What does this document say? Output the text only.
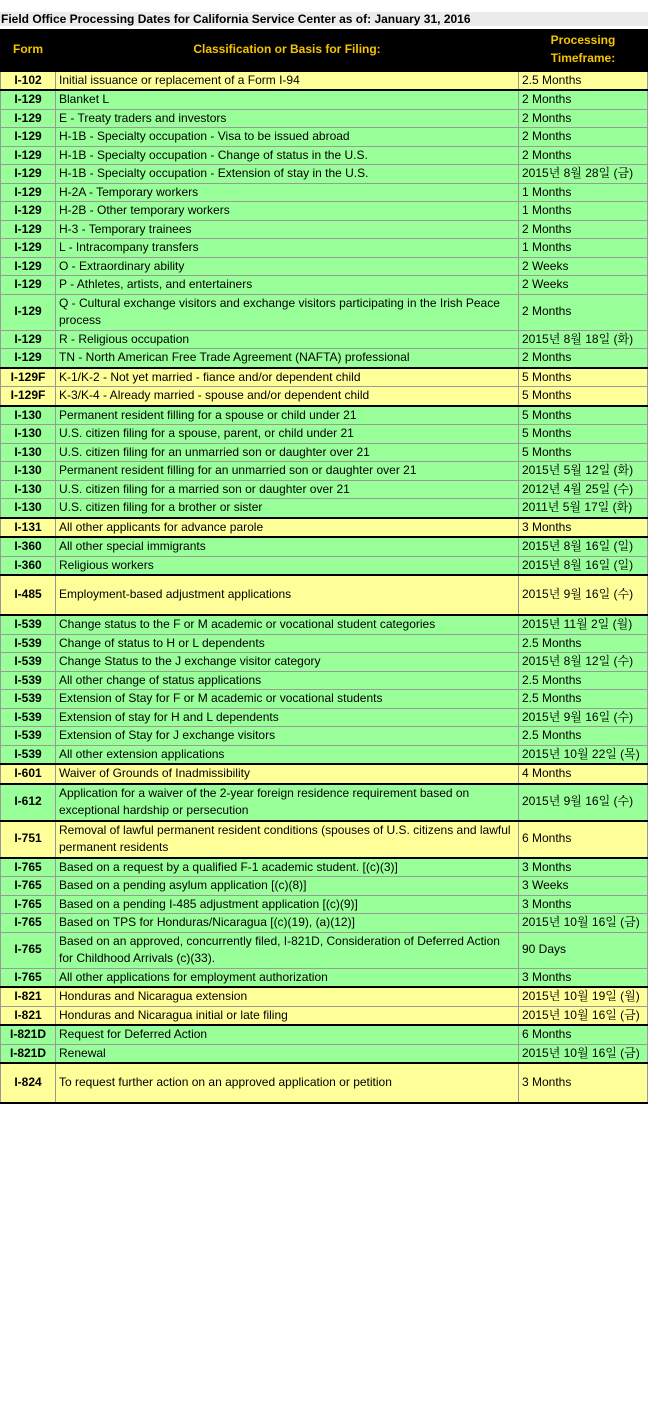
Field Office Processing Dates for California Service Center as of: January 31, 2016
Form	Classification or Basis for Filing:	Processing Timeframe:
I-102	Initial issuance or replacement of a Form I-94	2.5 Months
I-129	Blanket L	2 Months
I-129	E - Treaty traders and investors	2 Months
I-129	H-1B - Specialty occupation - Visa to be issued abroad	2 Months
I-129	H-1B - Specialty occupation - Change of status in the U.S.	2 Months
I-129	H-1B - Specialty occupation - Extension of stay in the U.S.	2015년 8월 28일 (금)
I-129	H-2A - Temporary workers	1 Months
I-129	H-2B - Other temporary workers	1 Months
I-129	H-3 - Temporary trainees	2 Months
I-129	L - Intracompany transfers	1 Months
I-129	O - Extraordinary ability	2 Weeks
I-129	P - Athletes, artists, and entertainers	2 Weeks
I-129	Q - Cultural exchange visitors and exchange visitors participating in the Irish Peace process	2 Months
I-129	R - Religious occupation	2015년 8월 18일 (화)
I-129	TN - North American Free Trade Agreement (NAFTA) professional	2 Months
I-129F	K-1/K-2 - Not yet married - fiance and/or dependent child	5 Months
I-129F	K-3/K-4 - Already married - spouse and/or dependent child	5 Months
I-130	Permanent resident filling for a spouse or child under 21	5 Months
I-130	U.S. citizen filing for a spouse, parent, or child under 21	5 Months
I-130	U.S. citizen filing for an unmarried son or daughter over 21	5 Months
I-130	Permanent resident filling for an unmarried son or daughter over 21	2015년 5월 12일 (화)
I-130	U.S. citizen filing for a married son or daughter over 21	2012년 4월 25일 (수)
I-130	U.S. citizen filing for a brother or sister	2011년 5월 17일 (화)
I-131	All other applicants for advance parole	3 Months
I-360	All other special immigrants	2015년 8월 16일 (일)
I-360	Religious workers	2015년 8월 16일 (일)
I-485	Employment-based adjustment applications	2015년 9월 16일 (수)
I-539	Change status to the F or M academic or vocational student categories	2015년 11월 2일 (월)
I-539	Change of status to H or L dependents	2.5 Months
I-539	Change Status to the J exchange visitor category	2015년 8월 12일 (수)
I-539	All other change of status applications	2.5 Months
I-539	Extension of Stay for F or M academic or vocational students	2.5 Months
I-539	Extension of stay for H and L dependents	2015년 9월 16일 (수)
I-539	Extension of Stay for J exchange visitors	2.5 Months
I-539	All other extension applications	2015년 10월 22일 (목)
I-601	Waiver of Grounds of Inadmissibility	4 Months
I-612	Application for a waiver of the 2-year foreign residence requirement based on exceptional hardship or persecution	2015년 9월 16일 (수)
I-751	Removal of lawful permanent resident conditions (spouses of U.S. citizens and lawful permanent residents	6 Months
I-765	Based on a request by a qualified F-1 academic student. [(c)(3)]	3 Months
I-765	Based on a pending asylum application [(c)(8)]	3 Weeks
I-765	Based on a pending I-485 adjustment application [(c)(9)]	3 Months
I-765	Based on TPS for Honduras/Nicaragua [(c)(19), (a)(12)]	2015년 10월 16일 (금)
I-765	Based on an approved, concurrently filed, I-821D, Consideration of Deferred Action for Childhood Arrivals (c)(33).	90 Days
I-765	All other applications for employment authorization	3 Months
I-821	Honduras and Nicaragua extension	2015년 10월 19일 (월)
I-821	Honduras and Nicaragua initial or late filing	2015년 10월 16일 (금)
I-821D	Request for Deferred Action	6 Months
I-821D	Renewal	2015년 10월 16일 (금)
I-824	To request further action on an approved application or petition	3 Months
